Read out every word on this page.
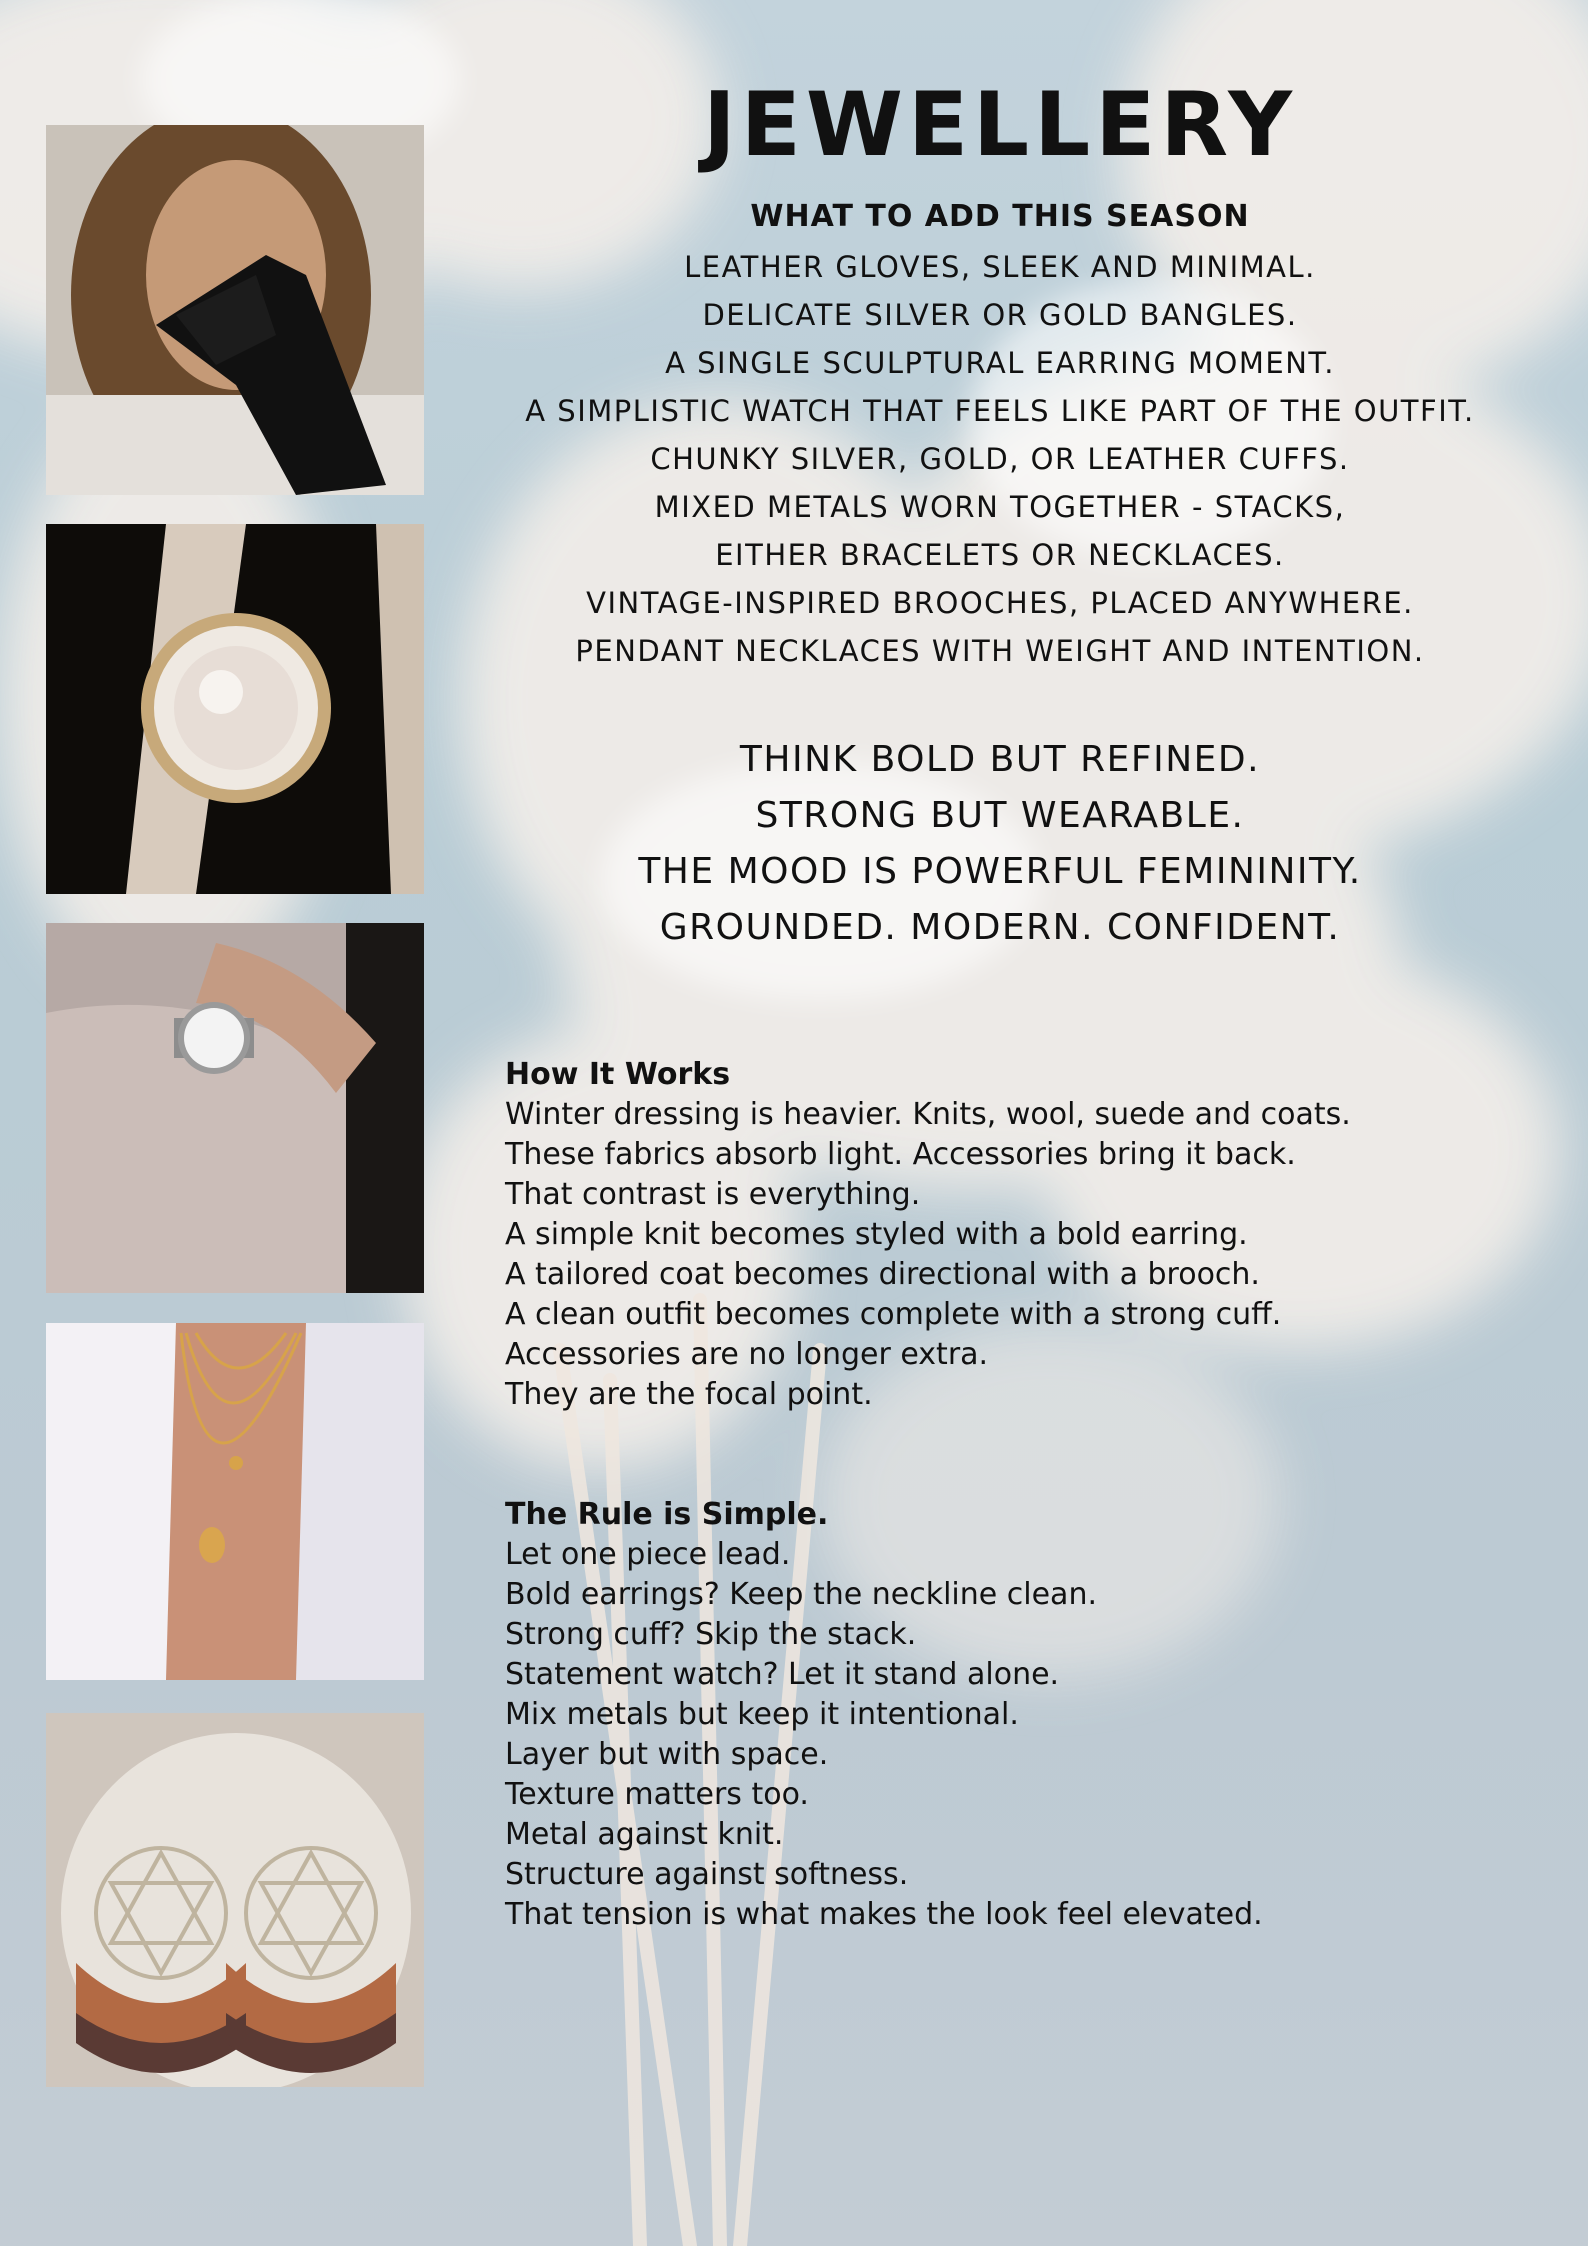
JEWELLERY
WHAT TO ADD THIS SEASON
LEATHER GLOVES, SLEEK AND MINIMAL.
DELICATE SILVER OR GOLD BANGLES.
A SINGLE SCULPTURAL EARRING MOMENT.
A SIMPLISTIC WATCH THAT FEELS LIKE PART OF THE OUTFIT.
CHUNKY SILVER, GOLD, OR LEATHER CUFFS.
MIXED METALS WORN TOGETHER - STACKS,
EITHER BRACELETS OR NECKLACES.
VINTAGE-INSPIRED BROOCHES, PLACED ANYWHERE.
PENDANT NECKLACES WITH WEIGHT AND INTENTION.
THINK BOLD BUT REFINED.
STRONG BUT WEARABLE.
THE MOOD IS POWERFUL FEMININITY.
GROUNDED. MODERN. CONFIDENT.
How It Works
Winter dressing is heavier. Knits, wool, suede and coats.
These fabrics absorb light. Accessories bring it back.
That contrast is everything.
A simple knit becomes styled with a bold earring.
A tailored coat becomes directional with a brooch.
A clean outfit becomes complete with a strong cuff.
Accessories are no longer extra.
They are the focal point.
The Rule is Simple.
Let one piece lead.
Bold earrings? Keep the neckline clean.
Strong cuff? Skip the stack.
Statement watch? Let it stand alone.
Mix metals but keep it intentional.
Layer but with space.
Texture matters too.
Metal against knit.
Structure against softness.
That tension is what makes the look feel elevated.
